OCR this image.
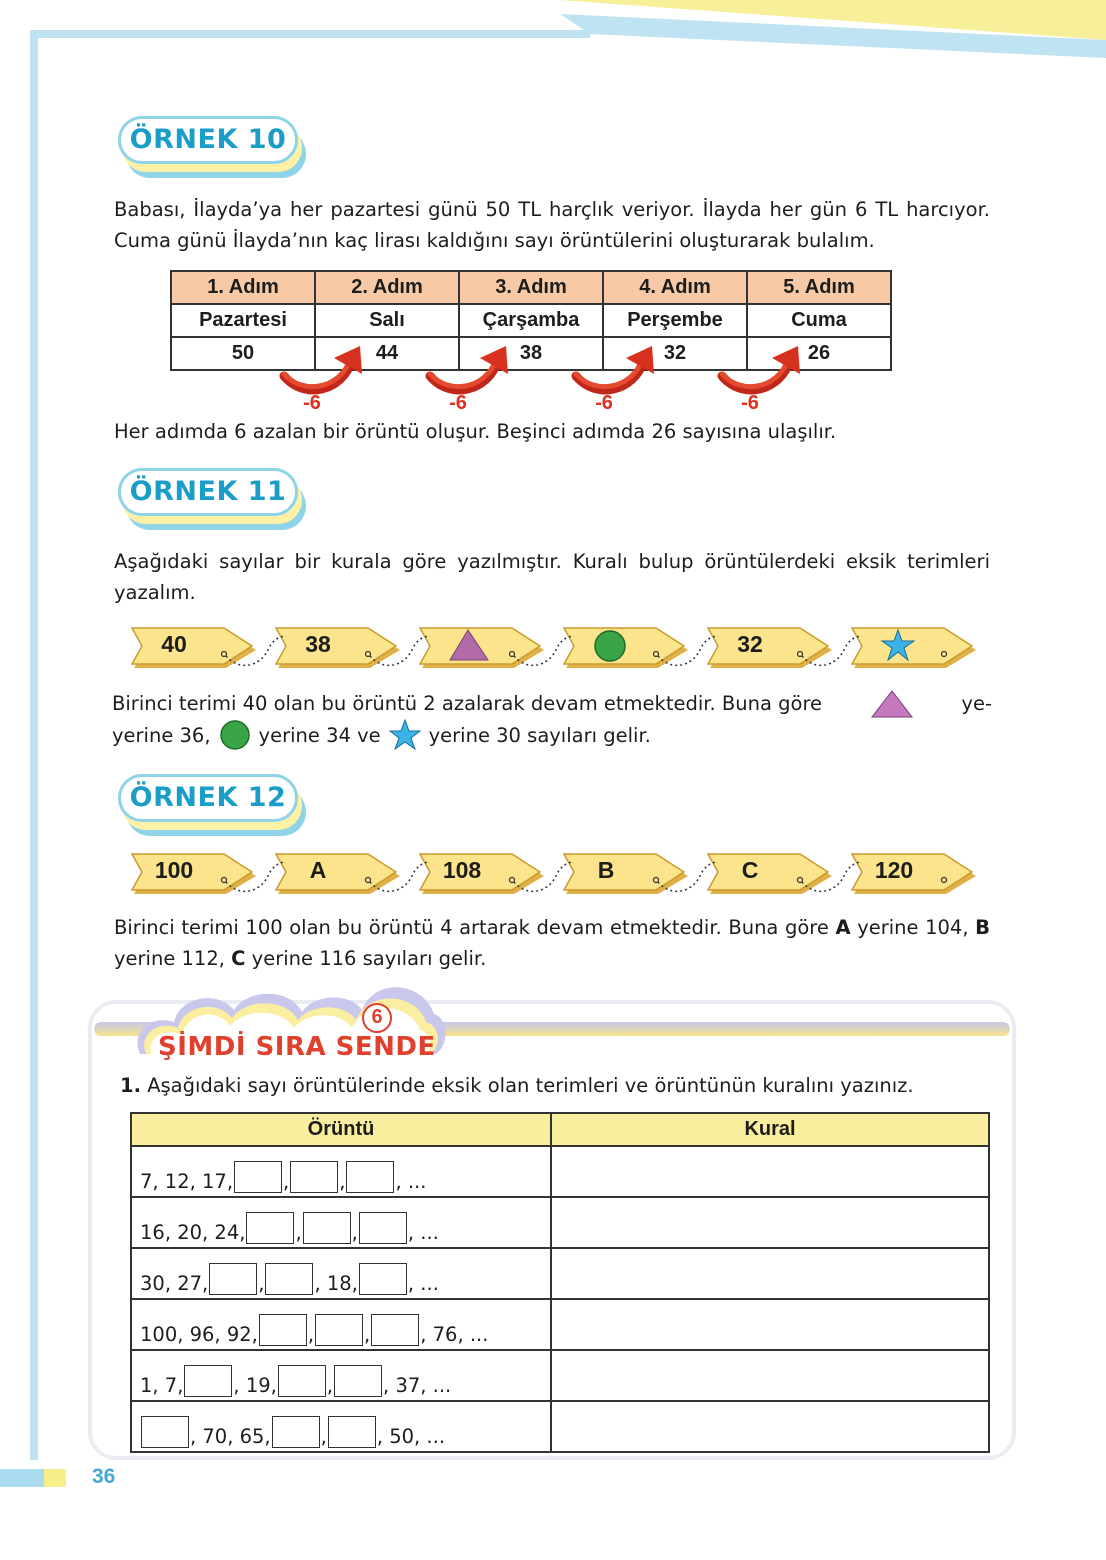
ÖRNEK 10
Babası, İlayda’ya her pazartesi günü 50 TL harçlık veriyor. İlayda her gün 6 TL harcıyor. Cuma günü İlayda’nın kaç lirası kaldığını sayı örüntülerini oluşturarak bulalım.
1. Adım	2. Adım	3. Adım	4. Adım	5. Adım
Pazartesi	Salı	Çarşamba	Perşembe	Cuma
50	44	38	32	26
-6	-6	-6	-6
Her adımda 6 azalan bir örüntü oluşur. Beşinci adımda 26 sayısına ulaşılır.
ÖRNEK 11
Aşağıdaki sayılar bir kurala göre yazılmıştır. Kuralı bulup örüntülerdeki eksik terimleri yazalım.
40	38	32
Birinci terimi 40 olan bu örüntü 2 azalarak devam etmektedir. Buna göre	ye-
yerine 36, yerine 34 ve yerine 30 sayıları gelir.
ÖRNEK 12
100	A	108	B	C	120
Birinci terimi 100 olan bu örüntü 4 artarak devam etmektedir. Buna göre A yerine 104, B yerine 112, C yerine 116 sayıları gelir.
6
ŞİMDİ SIRA SENDE
1. Aşağıdaki sayı örüntülerinde eksik olan terimleri ve örüntünün kuralını yazınız.
Örüntü	Kural
7, 12, 17, , , , ...	
16, 20, 24, , , , ...	
30, 27, , , 18, , ...	
100, 96, 92, , , , 76, ...	
1, 7, , 19, , , 37, ...	
, 70, 65, , , 50, ...	
36
